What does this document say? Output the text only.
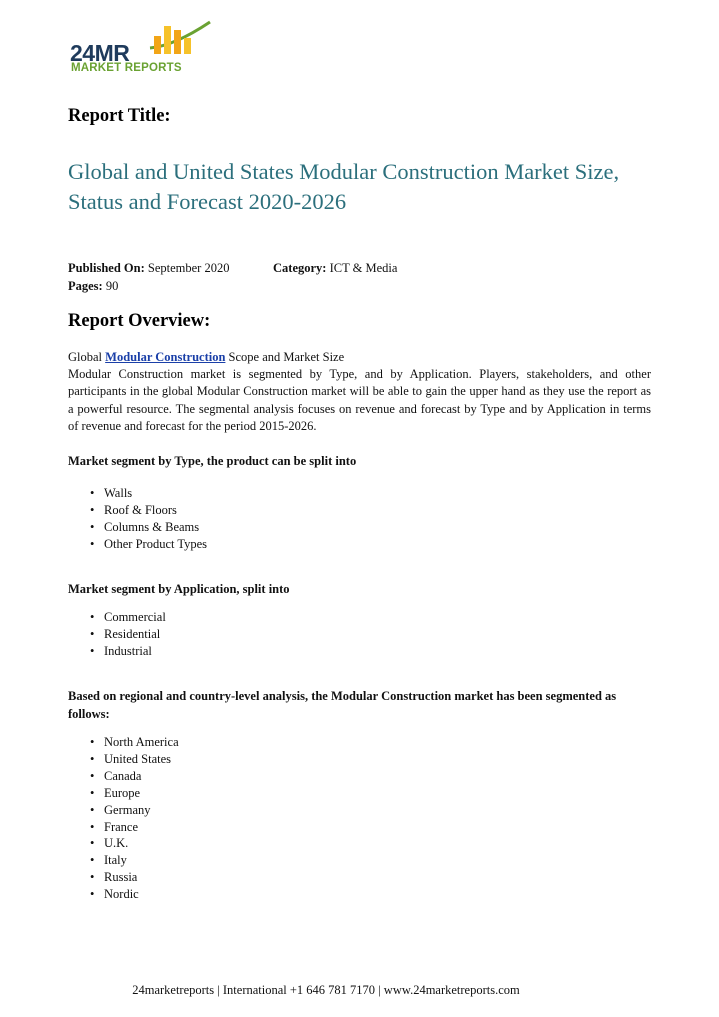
24MR
MARKET REPORTS
Report Title:
Global and United States Modular Construction Market Size, Status and Forecast 2020-2026
Published On: September 2020	Category: ICT & Media
Pages: 90
Report Overview:
Global Modular Construction Scope and Market Size
Modular Construction market is segmented by Type, and by Application. Players, stakeholders, and other participants in the global Modular Construction market will be able to gain the upper hand as they use the report as a powerful resource. The segmental analysis focuses on revenue and forecast by Type and by Application in terms of revenue and forecast for the period 2015-2026.
Market segment by Type, the product can be split into
• Walls
• Roof & Floors
• Columns & Beams
• Other Product Types
Market segment by Application, split into
• Commercial
• Residential
• Industrial
Based on regional and country-level analysis, the Modular Construction market has been segmented as follows:
• North America
• United States
• Canada
• Europe
• Germany
• France
• U.K.
• Italy
• Russia
• Nordic
24marketreports | International +1 646 781 7170 | www.24marketreports.com
